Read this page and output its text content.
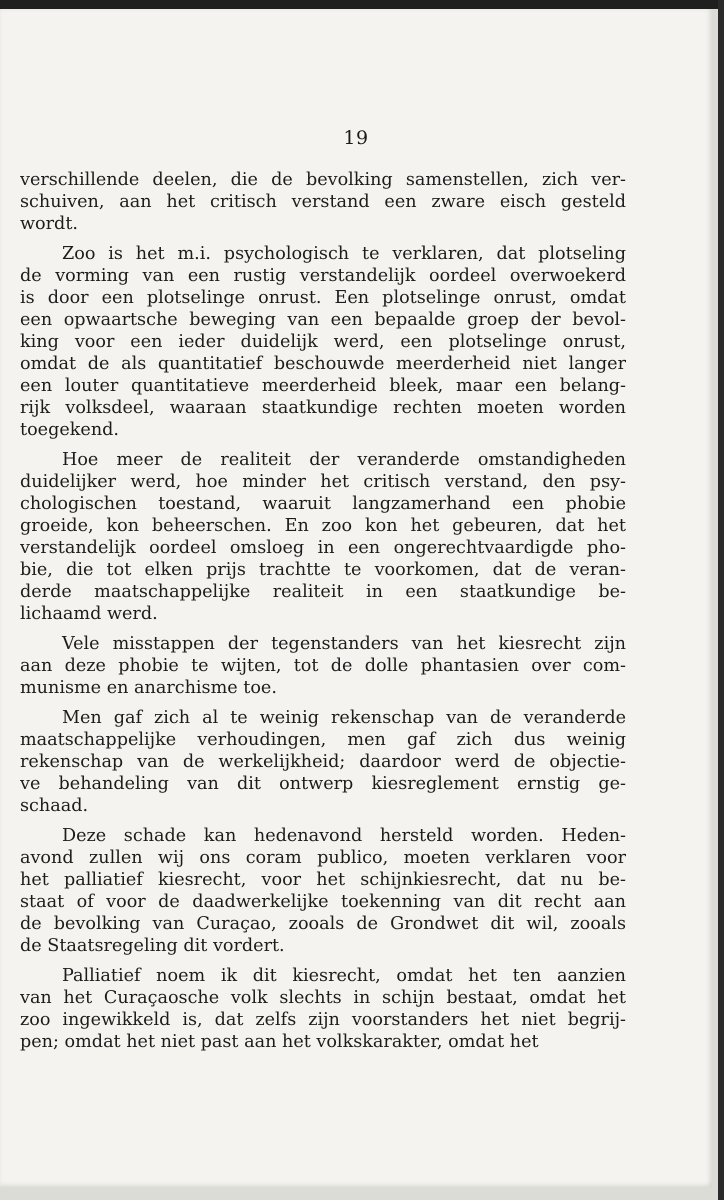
19
verschillende deelen, die de bevolking samenstellen, zich ver-
schuiven, aan het critisch verstand een zware eisch gesteld
wordt.
Zoo is het m.i. psychologisch te verklaren, dat plotseling
de vorming van een rustig verstandelijk oordeel overwoekerd
is door een plotselinge onrust. Een plotselinge onrust, omdat
een opwaartsche beweging van een bepaalde groep der bevol-
king voor een ieder duidelijk werd, een plotselinge onrust,
omdat de als quantitatief beschouwde meerderheid niet langer
een louter quantitatieve meerderheid bleek, maar een belang-
rijk volksdeel, waaraan staatkundige rechten moeten worden
toegekend.
Hoe meer de realiteit der veranderde omstandigheden
duidelijker werd, hoe minder het critisch verstand, den psy-
chologischen toestand, waaruit langzamerhand een phobie
groeide, kon beheerschen. En zoo kon het gebeuren, dat het
verstandelijk oordeel omsloeg in een ongerechtvaardigde pho-
bie, die tot elken prijs trachtte te voorkomen, dat de veran-
derde maatschappelijke realiteit in een staatkundige be-
lichaamd werd.
Vele misstappen der tegenstanders van het kiesrecht zijn
aan deze phobie te wijten, tot de dolle phantasien over com-
munisme en anarchisme toe.
Men gaf zich al te weinig rekenschap van de veranderde
maatschappelijke verhoudingen, men gaf zich dus weinig
rekenschap van de werkelijkheid; daardoor werd de objectie-
ve behandeling van dit ontwerp kiesreglement ernstig ge-
schaad.
Deze schade kan hedenavond hersteld worden. Heden-
avond zullen wij ons coram publico, moeten verklaren voor
het palliatief kiesrecht, voor het schijnkiesrecht, dat nu be-
staat of voor de daadwerkelijke toekenning van dit recht aan
de bevolking van Curaçao, zooals de Grondwet dit wil, zooals
de Staatsregeling dit vordert.
Palliatief noem ik dit kiesrecht, omdat het ten aanzien
van het Curaçaosche volk slechts in schijn bestaat, omdat het
zoo ingewikkeld is, dat zelfs zijn voorstanders het niet begrij-
pen; omdat het niet past aan het volkskarakter, omdat het
